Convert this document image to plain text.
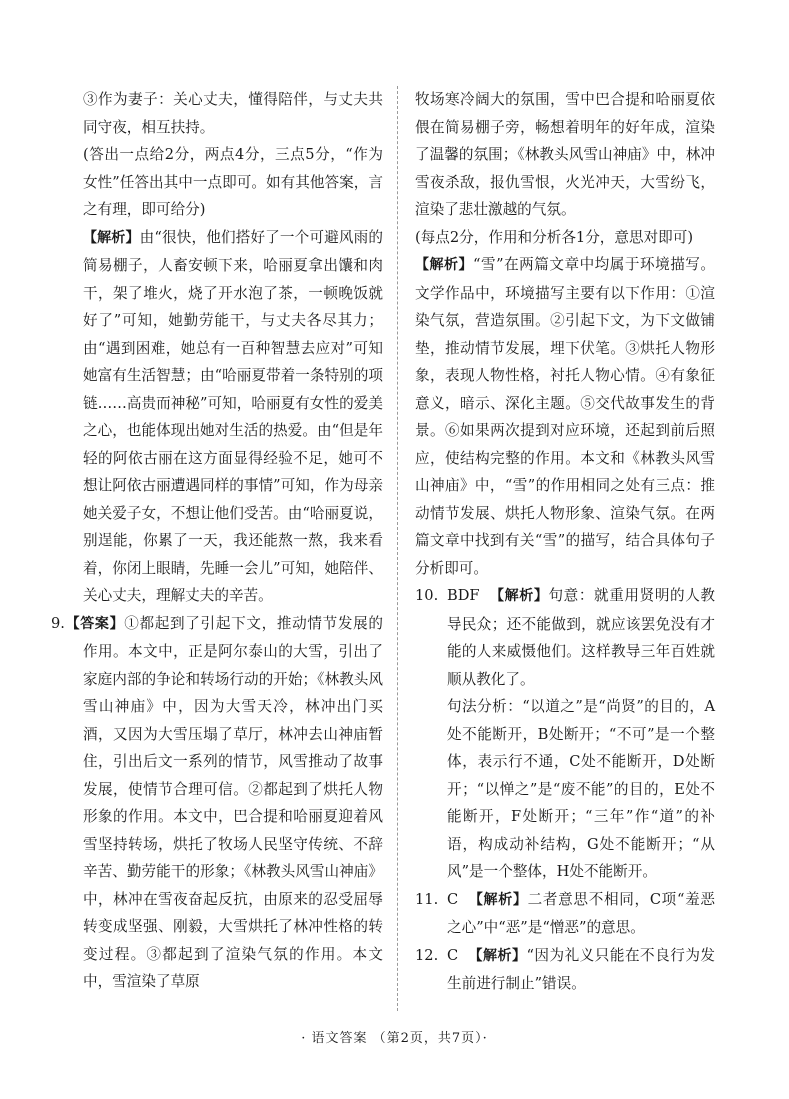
③作为妻子：关心丈夫，懂得陪伴，与丈夫共同守夜，相互扶持。

(答出一点给2分，两点4分，三点5分，“作为女性”任答出其中一点即可。如有其他答案，言之有理，即可给分)

【解析】由“很快，他们搭好了一个可避风雨的简易棚子，人畜安顿下来，哈丽夏拿出馕和肉干，架了堆火，烧了开水泡了茶，一顿晚饭就好了”可知，她勤劳能干，与丈夫各尽其力；由“遇到困难，她总有一百种智慧去应对”可知她富有生活智慧；由“哈丽夏带着一条特别的项链……高贵而神秘”可知，哈丽夏有女性的爱美之心，也能体现出她对生活的热爱。由“但是年轻的阿依古丽在这方面显得经验不足，她可不想让阿依古丽遭遇同样的事情”可知，作为母亲她关爱子女，不想让他们受苦。由“哈丽夏说，别逞能，你累了一天，我还能熬一熬，我来看着，你闭上眼睛，先睡一会儿”可知，她陪伴、关心丈夫，理解丈夫的辛苦。

9.【答案】①都起到了引起下文，推动情节发展的作用。本文中，正是阿尔泰山的大雪，引出了家庭内部的争论和转场行动的开始；《林教头风雪山神庙》中，因为大雪天冷，林冲出门买酒，又因为大雪压塌了草厅，林冲去山神庙暂住，引出后文一系列的情节，风雪推动了故事发展，使情节合理可信。②都起到了烘托人物形象的作用。本文中，巴合提和哈丽夏迎着风雪坚持转场，烘托了牧场人民坚守传统、不辞辛苦、勤劳能干的形象；《林教头风雪山神庙》中，林冲在雪夜奋起反抗，由原来的忍受屈辱转变成坚强、刚毅，大雪烘托了林冲性格的转变过程。③都起到了渲染气氛的作用。本文中，雪渲染了草原

牧场寒冷阔大的氛围，雪中巴合提和哈丽夏依偎在简易棚子旁，畅想着明年的好年成，渲染了温馨的氛围；《林教头风雪山神庙》中，林冲雪夜杀敌，报仇雪恨，火光冲天，大雪纷飞，渲染了悲壮激越的气氛。

(每点2分，作用和分析各1分，意思对即可)

【解析】“雪”在两篇文章中均属于环境描写。文学作品中，环境描写主要有以下作用：①渲染气氛，营造氛围。②引起下文，为下文做铺垫，推动情节发展，埋下伏笔。③烘托人物形象，表现人物性格，衬托人物心情。④有象征意义，暗示、深化主题。⑤交代故事发生的背景。⑥如果两次提到对应环境，还起到前后照应，使结构完整的作用。本文和《林教头风雪山神庙》中，“雪”的作用相同之处有三点：推动情节发展、烘托人物形象、渲染气氛。在两篇文章中找到有关“雪”的描写，结合具体句子分析即可。

10. BDF 【解析】句意：就重用贤明的人教导民众；还不能做到，就应该罢免没有才能的人来威慑他们。这样教导三年百姓就顺从教化了。

句法分析：“以道之”是“尚贤”的目的，A处不能断开，B处断开；“不可”是一个整体，表示行不通，C处不能断开，D处断开；“以惮之”是“废不能”的目的，E处不能断开，F处断开；“三年”作“道”的补语，构成动补结构，G处不能断开；“从风”是一个整体，H处不能断开。

11. C 【解析】二者意思不相同，C项“羞恶之心”中“恶”是“憎恶”的意思。

12. C 【解析】“因为礼义只能在不良行为发生前进行制止”错误。

· 语文答案 （第2页，共7页）·
